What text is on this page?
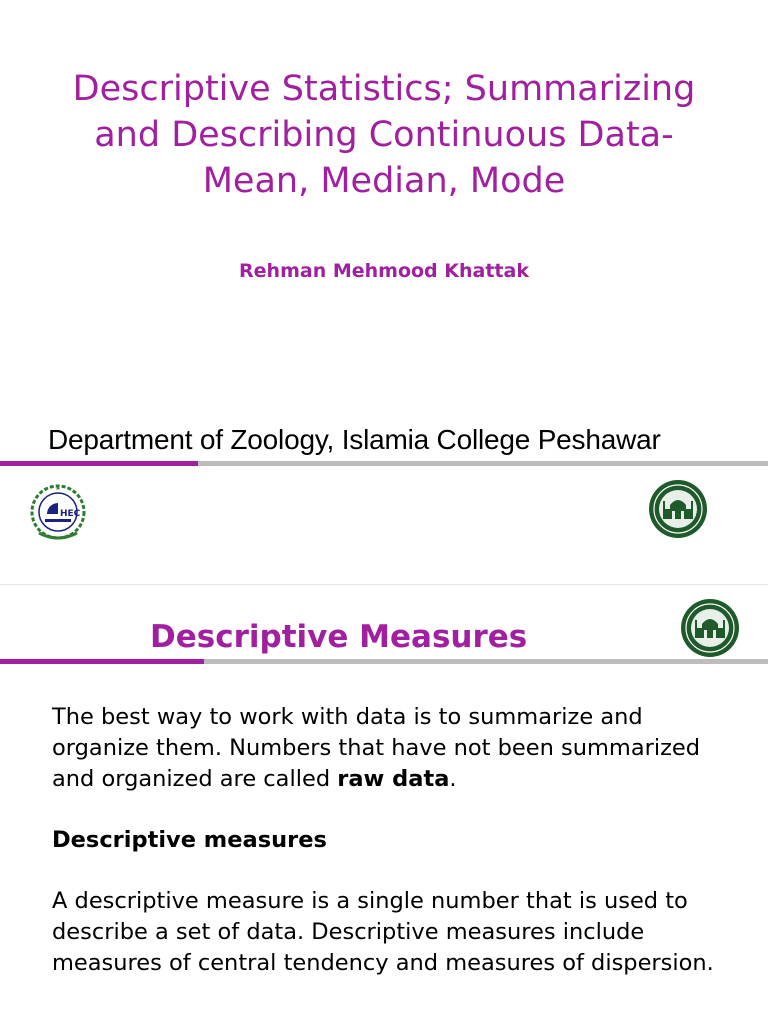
Descriptive Statistics; Summarizing
and Describing Continuous Data-
Mean, Median, Mode
Rehman Mehmood Khattak
Department of Zoology, Islamia College Peshawar
HEC
Descriptive Measures

The best way to work with data is to summarize and organize them. Numbers that have not been summarized and organized are called raw data.

Descriptive measures

A descriptive measure is a single number that is used to describe a set of data. Descriptive measures include measures of central tendency and measures of dispersion.
